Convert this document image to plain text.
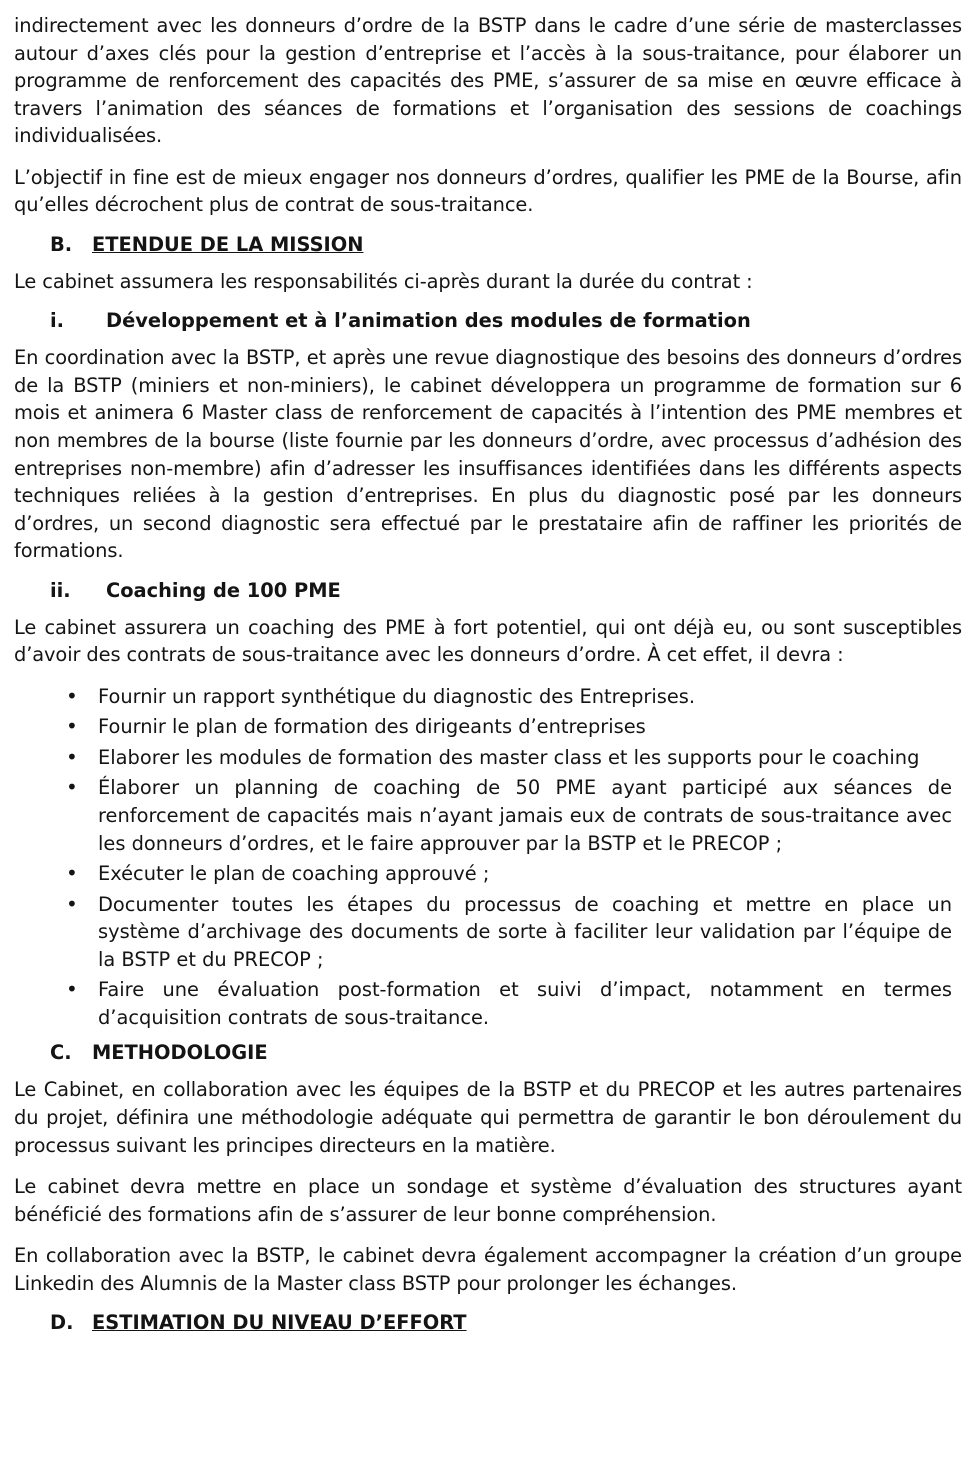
indirectement avec les donneurs d’ordre de la BSTP dans le cadre d’une série de masterclasses autour d’axes clés pour la gestion d’entreprise et l’accès à la sous-traitance, pour élaborer un programme de renforcement des capacités des PME, s’assurer de sa mise en œuvre efficace à travers l’animation des séances de formations et l’organisation des sessions de coachings individualisées.

L’objectif in fine est de mieux engager nos donneurs d’ordres, qualifier les PME de la Bourse, afin qu’elles décrochent plus de contrat de sous-traitance.

B.	ETENDUE DE LA MISSION

Le cabinet assumera les responsabilités ci-après durant la durée du contrat :

i.	Développement et à l’animation des modules de formation

En coordination avec la BSTP, et après une revue diagnostique des besoins des donneurs d’ordres de la BSTP (miniers et non-miniers), le cabinet développera un programme de formation sur 6 mois et animera 6 Master class de renforcement de capacités à l’intention des PME membres et non membres de la bourse (liste fournie par les donneurs d’ordre, avec processus d’adhésion des entreprises non-membre) afin d’adresser les insuffisances identifiées dans les différents aspects techniques reliées à la gestion d’entreprises. En plus du diagnostic posé par les donneurs d’ordres, un second diagnostic sera effectué par le prestataire afin de raffiner les priorités de formations.

ii.	Coaching de 100 PME

Le cabinet assurera un coaching des PME à fort potentiel, qui ont déjà eu, ou sont susceptibles d’avoir des contrats de sous-traitance avec les donneurs d’ordre. À cet effet, il devra :

• Fournir un rapport synthétique du diagnostic des Entreprises.
• Fournir le plan de formation des dirigeants d’entreprises
• Elaborer les modules de formation des master class et les supports pour le coaching
• Élaborer un planning de coaching de 50 PME ayant participé aux séances de renforcement de capacités mais n’ayant jamais eux de contrats de sous-traitance avec les donneurs d’ordres, et le faire approuver par la BSTP et le PRECOP ;
• Exécuter le plan de coaching approuvé ;
• Documenter toutes les étapes du processus de coaching et mettre en place un système d’archivage des documents de sorte à faciliter leur validation par l’équipe de la BSTP et du PRECOP ;
• Faire une évaluation post-formation et suivi d’impact, notamment en termes d’acquisition contrats de sous-traitance.
C.	METHODOLOGIE

Le Cabinet, en collaboration avec les équipes de la BSTP et du PRECOP et les autres partenaires du projet, définira une méthodologie adéquate qui permettra de garantir le bon déroulement du processus suivant les principes directeurs en la matière.

Le cabinet devra mettre en place un sondage et système d’évaluation des structures ayant bénéficié des formations afin de s’assurer de leur bonne compréhension.

En collaboration avec la BSTP, le cabinet devra également accompagner la création d’un groupe Linkedin des Alumnis de la Master class BSTP pour prolonger les échanges.

D. ESTIMATION DU NIVEAU D’EFFORT
